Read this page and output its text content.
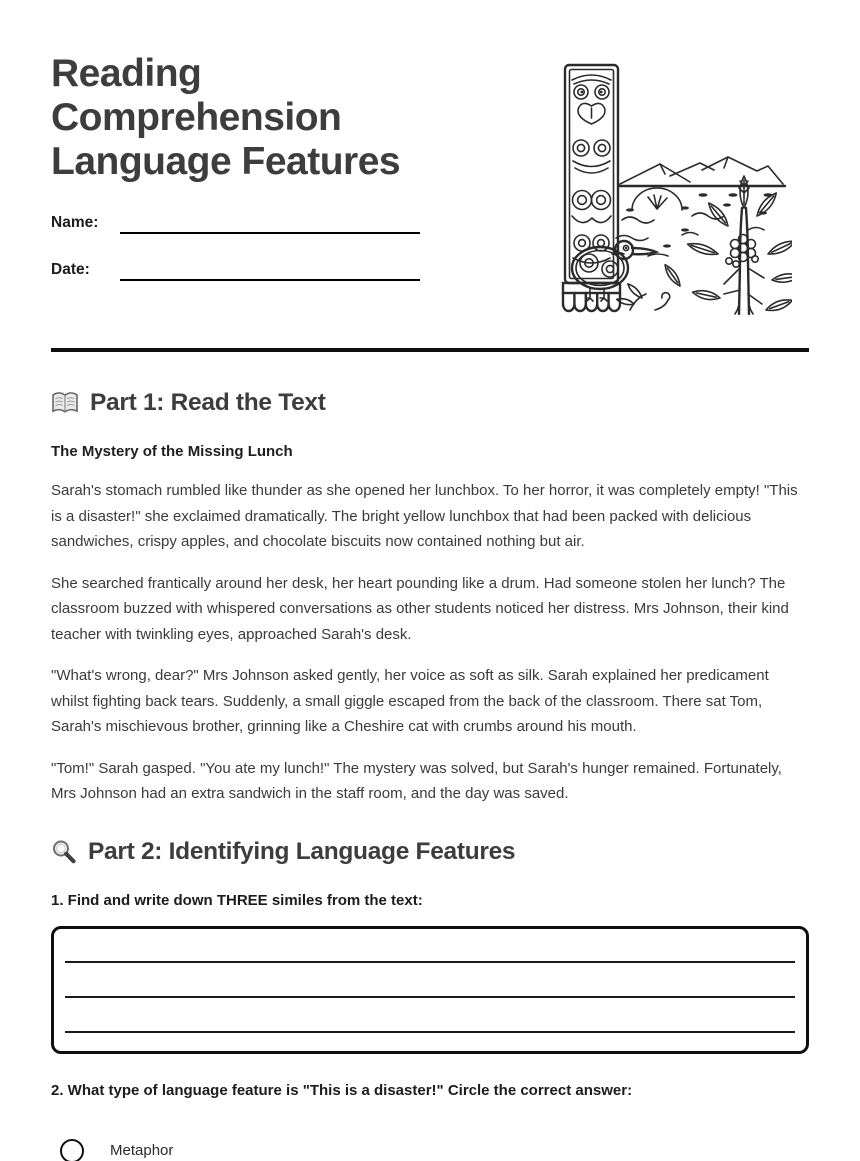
Reading
Comprehension
Language Features
Name:
Date:
Part 1: Read the Text
The Mystery of the Missing Lunch

Sarah's stomach rumbled like thunder as she opened her lunchbox. To her horror, it was completely empty! "This is a disaster!" she exclaimed dramatically. The bright yellow lunchbox that had been packed with delicious sandwiches, crispy apples, and chocolate biscuits now contained nothing but air.

She searched frantically around her desk, her heart pounding like a drum. Had someone stolen her lunch? The classroom buzzed with whispered conversations as other students noticed her distress. Mrs Johnson, their kind teacher with twinkling eyes, approached Sarah's desk.

"What's wrong, dear?" Mrs Johnson asked gently, her voice as soft as silk. Sarah explained her predicament whilst fighting back tears. Suddenly, a small giggle escaped from the back of the classroom. There sat Tom, Sarah's mischievous brother, grinning like a Cheshire cat with crumbs around his mouth.

"Tom!" Sarah gasped. "You ate my lunch!" The mystery was solved, but Sarah's hunger remained. Fortunately, Mrs Johnson had an extra sandwich in the staff room, and the day was saved.

Part 2: Identifying Language Features
1. Find and write down THREE similes from the text:
2. What type of language feature is "This is a disaster!" Circle the correct answer:
Metaphor
